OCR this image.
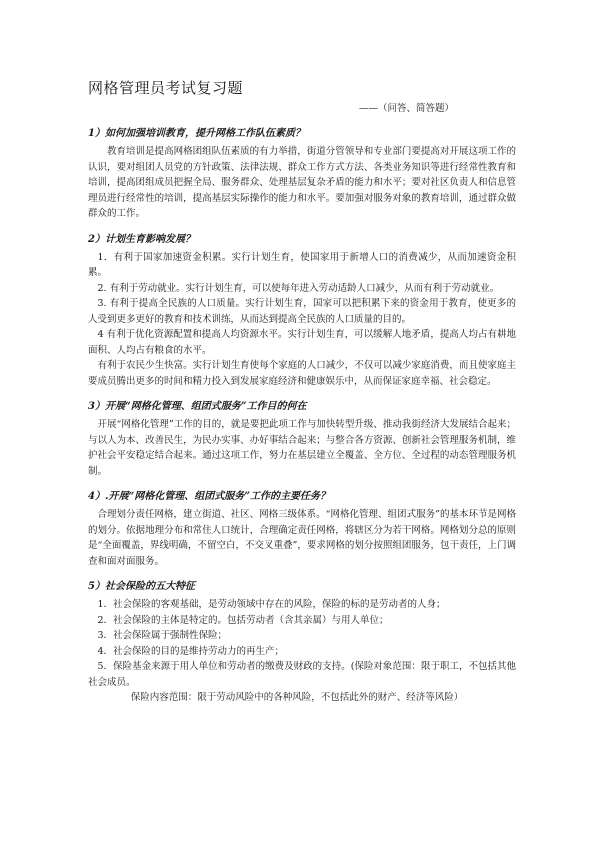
网格管理员考试复习题

——（问答、简答题）

1）如何加强培训教育，提升网格工作队伍素质？

教育培训是提高网格团组队伍素质的有力举措，街道分管领导和专业部门要提高对开展这项工作的认识，要对组团人员党的方针政策、法律法规、群众工作方式方法、各类业务知识等进行经常性教育和培训，提高团组成员把握全局、服务群众、处理基层复杂矛盾的能力和水平；要对社区负责人和信息管理员进行经常性的培训，提高基层实际操作的能力和水平。要加强对服务对象的教育培训，通过群众做群众的工作。

2）计划生育影响发展？

1．有利于国家加速资金积累。实行计划生育，使国家用于新增人口的消费减少，从而加速资金积累。

2. 有利于劳动就业。实行计划生育，可以使每年进入劳动适龄人口减少，从而有利于劳动就业。

3. 有利于提高全民族的人口质量。实行计划生育，国家可以把积累下来的资金用于教育，使更多的人受到更多更好的教育和技术训练，从而达到提高全民族的人口质量的目的。

4 有利于优化资源配置和提高人均资源水平。实行计划生育，可以缓解人地矛盾，提高人均占有耕地面积、人均占有粮食的水平。

有利于农民少生快富。实行计划生育使每个家庭的人口减少，不仅可以减少家庭消费，而且使家庭主要成员腾出更多的时间和精力投入到发展家庭经济和健康娱乐中，从而保证家庭幸福、社会稳定。

3）开展“网格化管理、组团式服务”工作目的何在

开展“网格化管理”工作的目的，就是要把此项工作与加快转型升级、推动我街经济大发展结合起来；与以人为本、改善民生，为民办实事、办好事结合起来；与整合各方资源、创新社会管理服务机制，维护社会平安稳定结合起来。通过这项工作，努力在基层建立全覆盖、全方位、全过程的动态管理服务机制。

4）.开展“网格化管理、组团式服务”工作的主要任务？

合理划分责任网格，建立街道、社区、网格三级体系。“网格化管理、组团式服务”的基本环节是网格的划分。依据地理分布和常住人口统计，合理确定责任网格，将辖区分为若干网格。网格划分总的原则是“全面覆盖，界线明确，不留空白，不交叉重叠”，要求网格的划分按照组团服务，包干责任，上门调查和面对面服务。

5）社会保险的五大特征

1．社会保险的客观基础，是劳动领域中存在的风险，保险的标的是劳动者的人身；

2．社会保险的主体是特定的。包括劳动者（含其亲属）与用人单位；

3．社会保险属于强制性保险；

4．社会保险的目的是维持劳动力的再生产；

5．保险基金来源于用人单位和劳动者的缴费及财政的支持。(保险对象范围：限于职工，不包括其他社会成员。

保险内容范围：限于劳动风险中的各种风险，不包括此外的财产、经济等风险）
